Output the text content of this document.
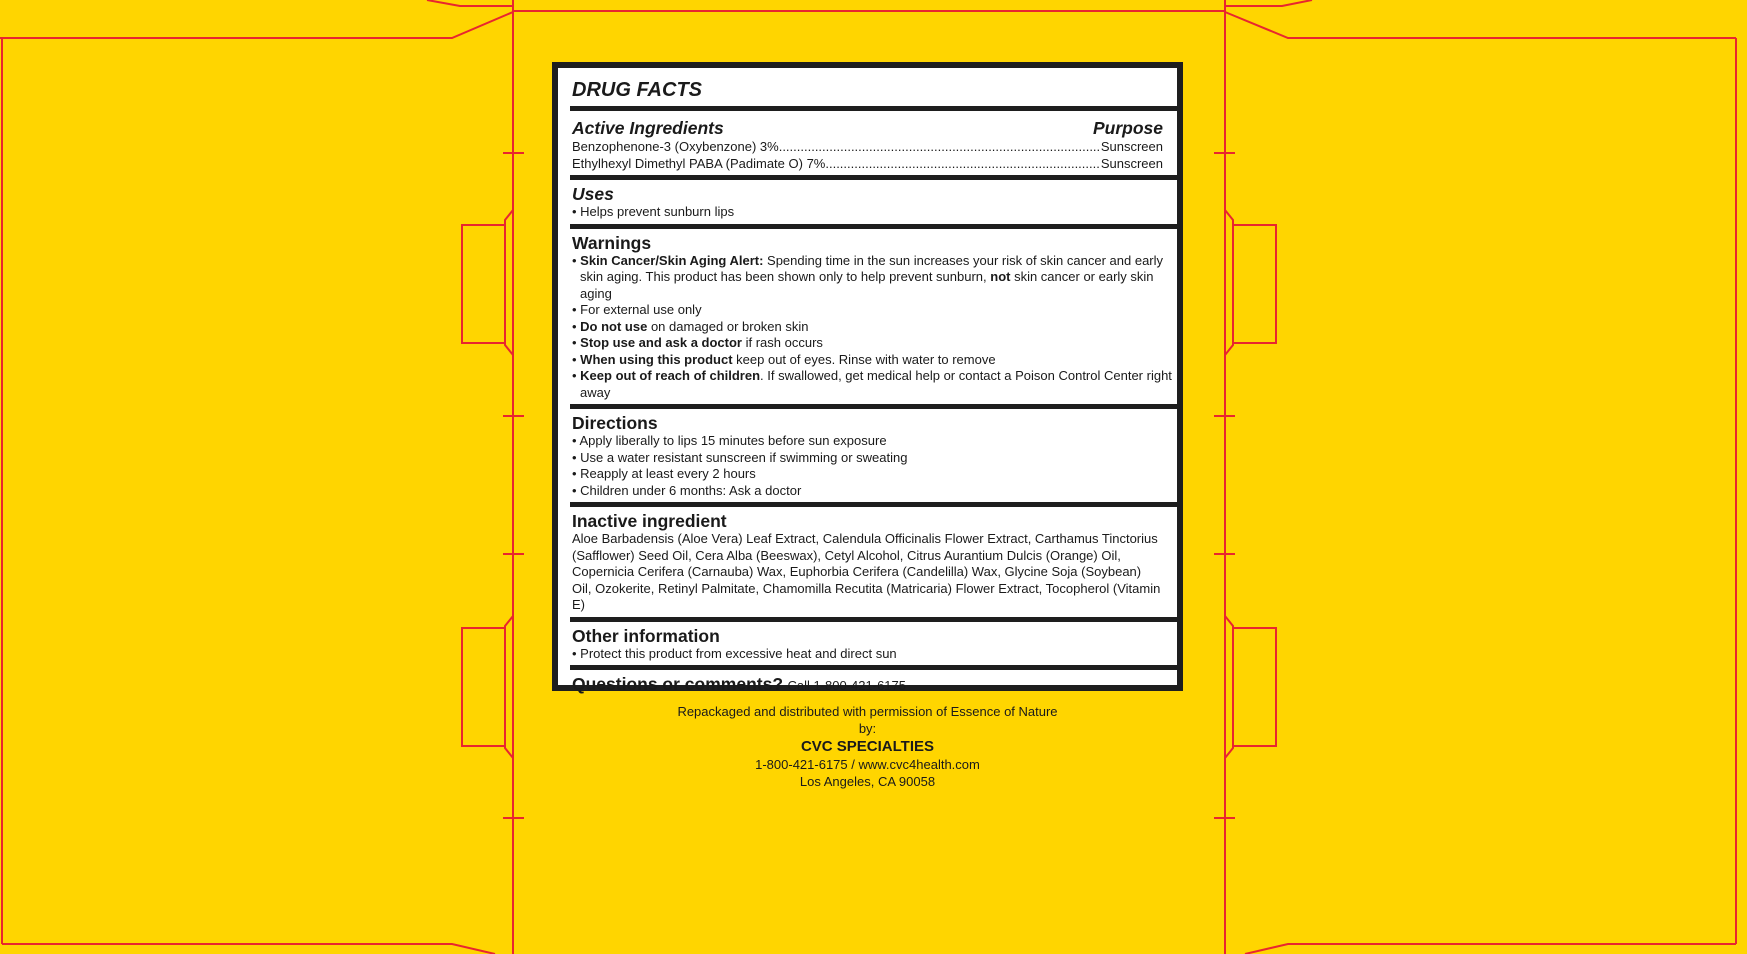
DRUG FACTS
Active Ingredients	Purpose
Benzophenone-3 (Oxybenzone) 3% .....	Sunscreen
Ethylhexyl Dimethyl PABA (Padimate O) 7% .....	Sunscreen
Uses
• Helps prevent sunburn lips
Warnings
• Skin Cancer/Skin Aging Alert: Spending time in the sun increases your risk of skin cancer and early skin aging. This product has been shown only to help prevent sunburn, not skin cancer or early skin aging
• For external use only
• Do not use on damaged or broken skin
• Stop use and ask a doctor if rash occurs
• When using this product keep out of eyes. Rinse with water to remove
• Keep out of reach of children. If swallowed, get medical help or contact a Poison Control Center right away
Directions
• Apply liberally to lips 15 minutes before sun exposure
• Use a water resistant sunscreen if swimming or sweating
• Reapply at least every 2 hours
• Children under 6 months: Ask a doctor
Inactive ingredient
Aloe Barbadensis (Aloe Vera) Leaf Extract, Calendula Officinalis Flower Extract, Carthamus Tinctorius (Safflower) Seed Oil, Cera Alba (Beeswax), Cetyl Alcohol, Citrus Aurantium Dulcis (Orange) Oil, Copernicia Cerifera (Carnauba) Wax, Euphorbia Cerifera (Candelilla) Wax, Glycine Soja (Soybean) Oil, Ozokerite, Retinyl Palmitate, Chamomilla Recutita (Matricaria) Flower Extract, Tocopherol (Vitamin E)
Other information
• Protect this product from excessive heat and direct sun
Questions or comments? Call 1-800-421-6175
Repackaged and distributed with permission of Essence of Nature
by:
CVC SPECIALTIES
1-800-421-6175 / www.cvc4health.com
Los Angeles, CA 90058
